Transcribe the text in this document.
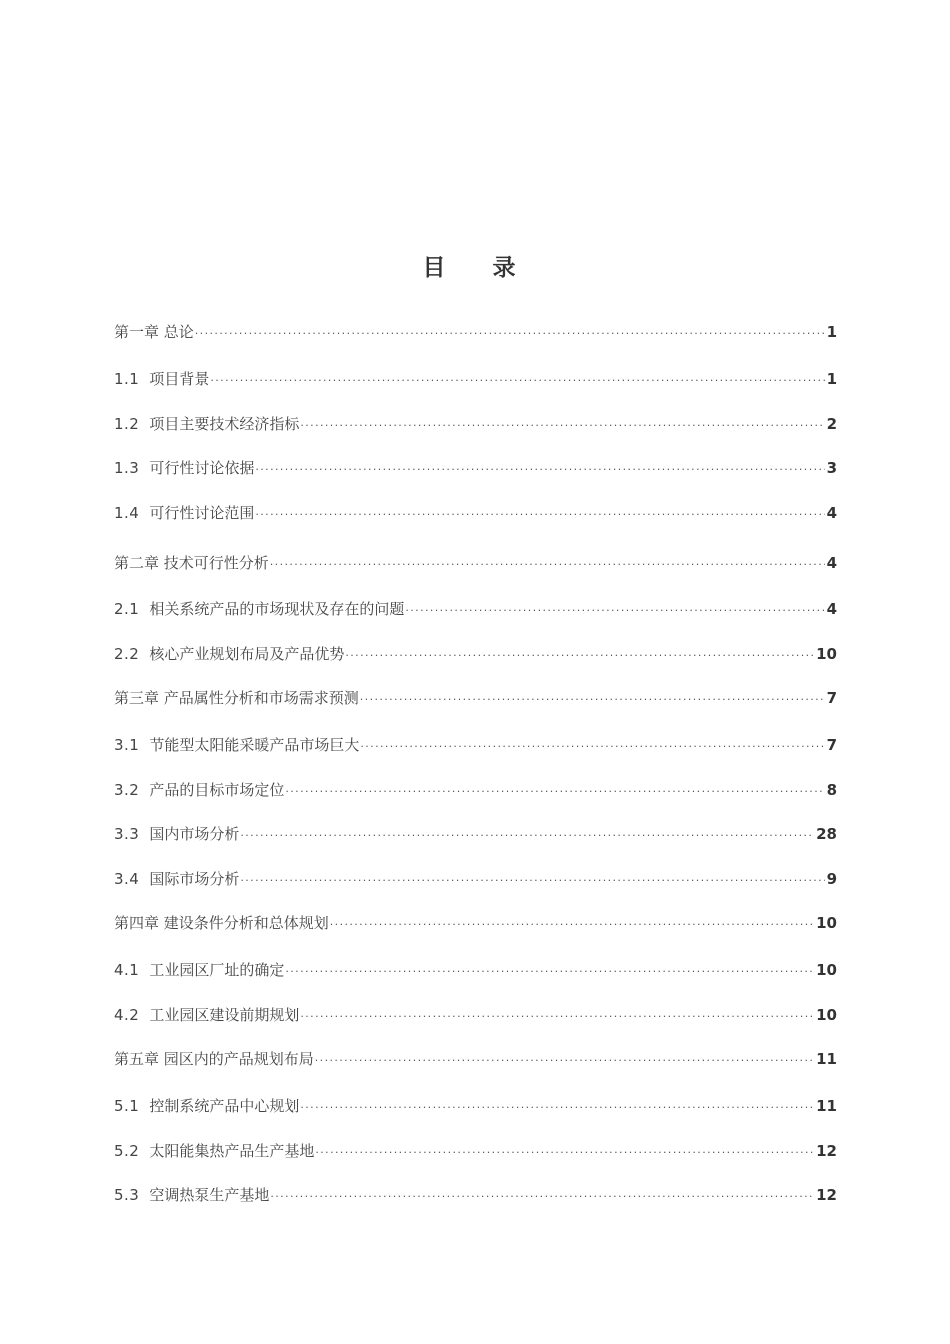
目　录
第一章 总论 ·····	1
1.1 项目背景 ·····	1
1.2 项目主要技术经济指标 ·····	2
1.3 可行性讨论依据 ·····	3
1.4 可行性讨论范围 ·····	4
第二章 技术可行性分析 ·····	4
2.1 相关系统产品的市场现状及存在的问题 ·····	4
2.2 核心产业规划布局及产品优势 ·····	10
第三章 产品属性分析和市场需求预测 ·····	7
3.1 节能型太阳能采暖产品市场巨大 ·····	7
3.2 产品的目标市场定位 ·····	8
3.3 国内市场分析 ·····	28
3.4 国际市场分析 ·····	9
第四章 建设条件分析和总体规划 ·····	10
4.1 工业园区厂址的确定 ·····	10
4.2 工业园区建设前期规划 ·····	10
第五章 园区内的产品规划布局 ·····	11
5.1 控制系统产品中心规划 ·····	11
5.2 太阳能集热产品生产基地 ·····	12
5.3 空调热泵生产基地 ·····	12
